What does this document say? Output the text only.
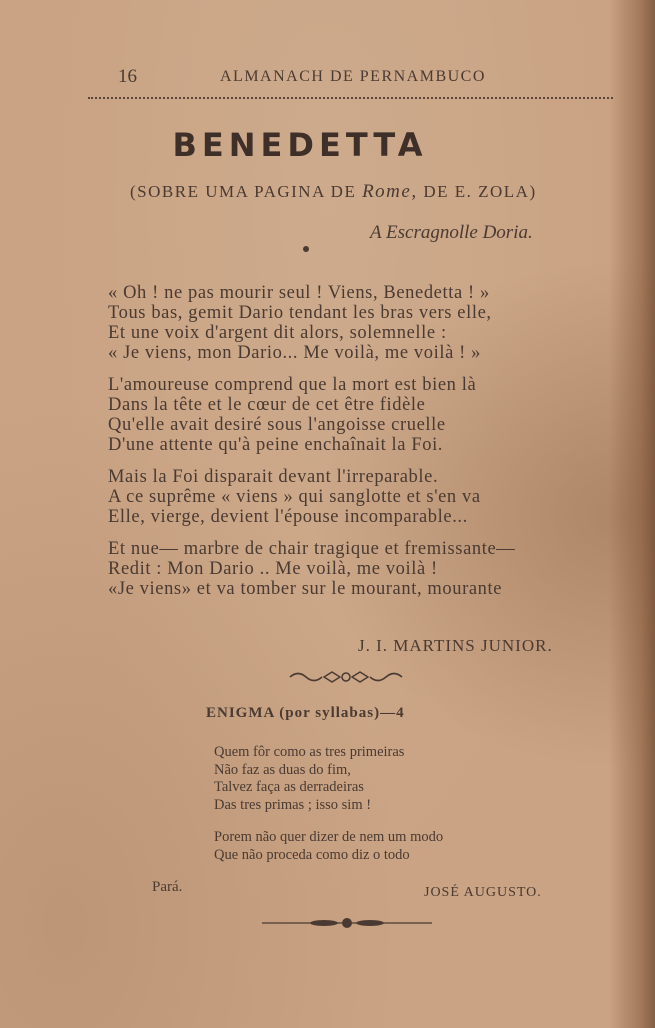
16	ALMANACH DE PERNAMBUCO
BENEDETTA
(SOBRE UMA PAGINA DE Rome, DE E. ZOLA)
A Escragnolle Doria.
« Oh ! ne pas mourir seul ! Viens, Benedetta ! »
Tous bas, gemit Dario tendant les bras vers elle,
Et une voix d'argent dit alors, solemnelle :
« Je viens, mon Dario... Me voilà, me voilà ! »
L'amoureuse comprend que la mort est bien là
Dans la tête et le cœur de cet être fidèle
Qu'elle avait desiré sous l'angoisse cruelle
D'une attente qu'à peine enchaînait la Foi.
Mais la Foi disparait devant l'irreparable.
A ce suprême « viens » qui sanglotte et s'en va
Elle, vierge, devient l'épouse incomparable...
Et nue— marbre de chair tragique et fremissante—
Redit : Mon Dario .. Me voilà, me voilà !
«Je viens» et va tomber sur le mourant, mourante
J. I. MARTINS JUNIOR.
ENIGMA (por syllabas)—4
Quem fôr como as tres primeiras
Não faz as duas do fim,
Talvez faça as derradeiras
Das tres primas ; isso sim !
Porem não quer dizer de nem um modo
Que não proceda como diz o todo
Pará.	JOSÉ AUGUSTO.
